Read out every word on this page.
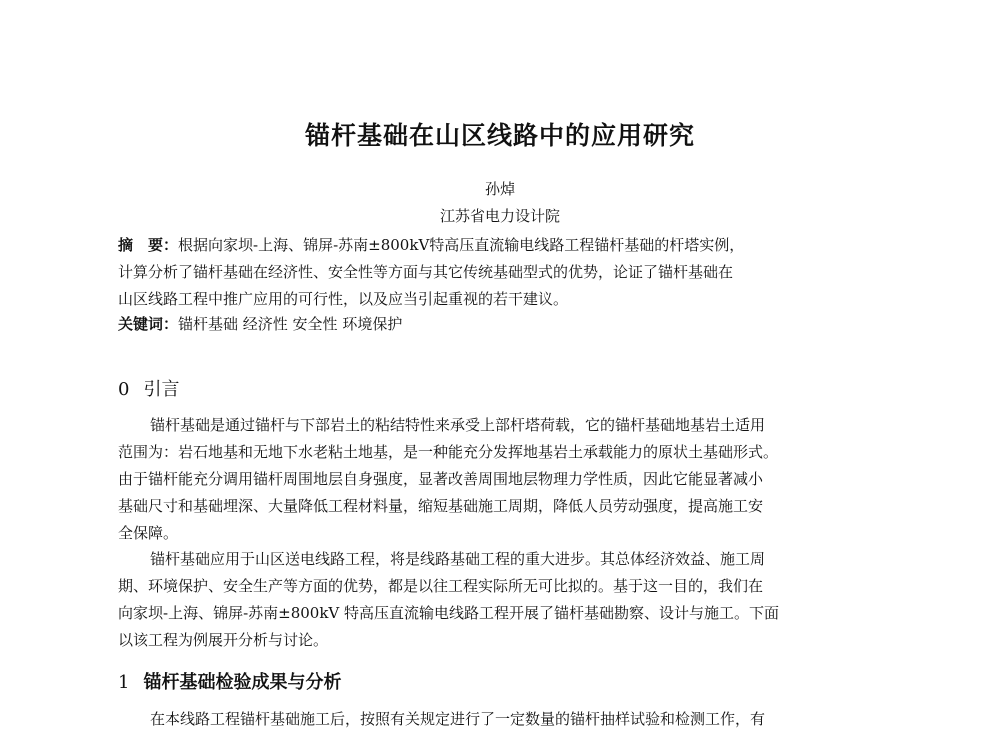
锚杆基础在山区线路中的应用研究
孙焯
江苏省电力设计院
摘　要：根据向家坝-上海、锦屏-苏南±800kV特高压直流输电线路工程锚杆基础的杆塔实例，
计算分析了锚杆基础在经济性、安全性等方面与其它传统基础型式的优势，论证了锚杆基础在
山区线路工程中推广应用的可行性，以及应当引起重视的若干建议。
关键词：锚杆基础 经济性 安全性 环境保护
0 引言
锚杆基础是通过锚杆与下部岩土的粘结特性来承受上部杆塔荷载，它的锚杆基础地基岩土适用
范围为：岩石地基和无地下水老粘土地基，是一种能充分发挥地基岩土承载能力的原状土基础形式。
由于锚杆能充分调用锚杆周围地层自身强度，显著改善周围地层物理力学性质，因此它能显著减小
基础尺寸和基础埋深、大量降低工程材料量，缩短基础施工周期，降低人员劳动强度，提高施工安
全保障。
锚杆基础应用于山区送电线路工程，将是线路基础工程的重大进步。其总体经济效益、施工周
期、环境保护、安全生产等方面的优势，都是以往工程实际所无可比拟的。基于这一目的，我们在
向家坝-上海、锦屏-苏南±800kV 特高压直流输电线路工程开展了锚杆基础勘察、设计与施工。下面
以该工程为例展开分析与讨论。
1 锚杆基础检验成果与分析
在本线路工程锚杆基础施工后，按照有关规定进行了一定数量的锚杆抽样试验和检测工作，有
